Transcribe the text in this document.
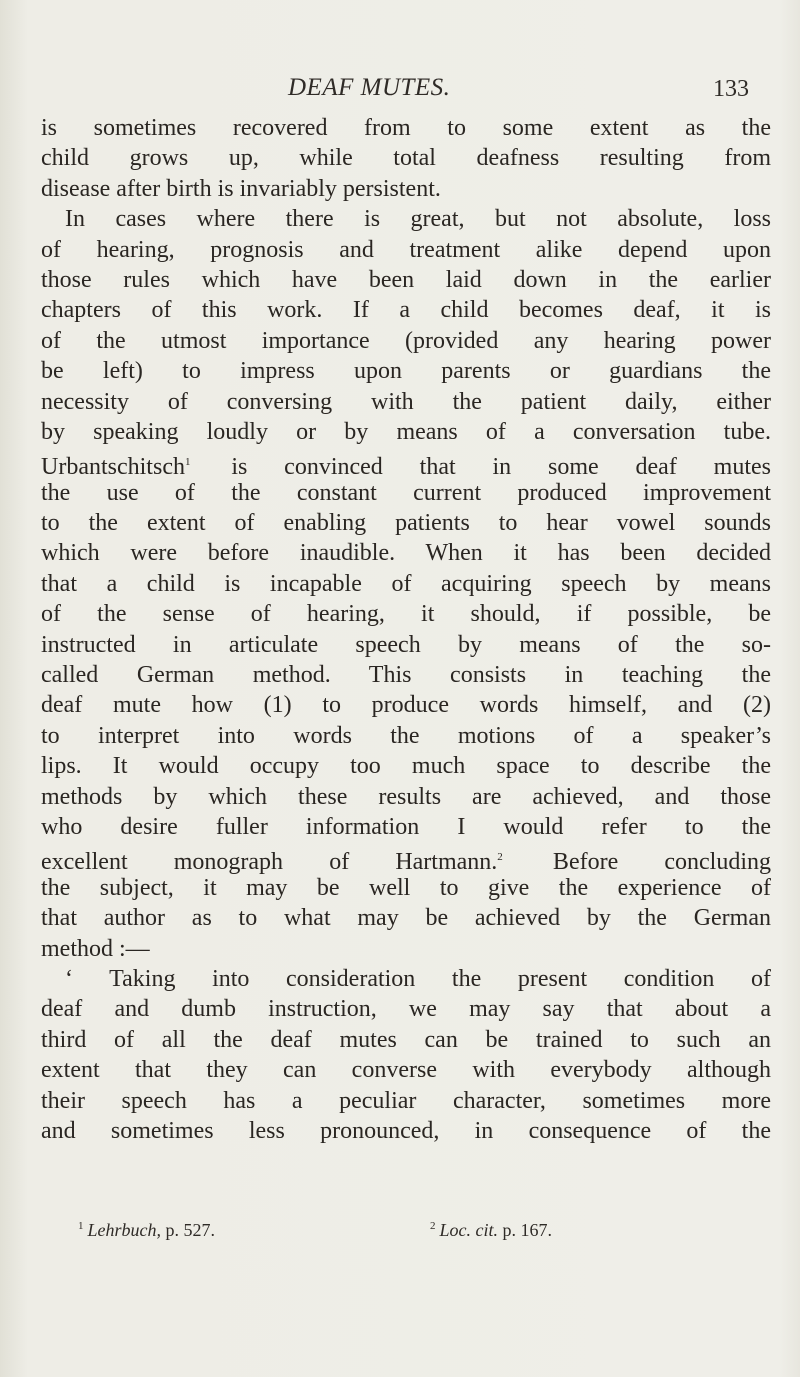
DEAF MUTES.	133
is sometimes recovered from to some extent as the
child grows up, while total deafness resulting from
disease after birth is invariably persistent.
In cases where there is great, but not absolute, loss
of hearing, prognosis and treatment alike depend upon
those rules which have been laid down in the earlier
chapters of this work. If a child becomes deaf, it is
of the utmost importance (provided any hearing power
be left) to impress upon parents or guardians the
necessity of conversing with the patient daily, either
by speaking loudly or by means of a conversation tube.
Urbantschitsch$^1$ is convinced that in some deaf mutes
the use of the constant current produced improvement
to the extent of enabling patients to hear vowel sounds
which were before inaudible. When it has been decided
that a child is incapable of acquiring speech by means
of the sense of hearing, it should, if possible, be
instructed in articulate speech by means of the so-
called German method. This consists in teaching the
deaf mute how (1) to produce words himself, and (2)
to interpret into words the motions of a speaker’s
lips. It would occupy too much space to describe the
methods by which these results are achieved, and those
who desire fuller information I would refer to the
excellent monograph of Hartmann.$^2$ Before concluding
the subject, it may be well to give the experience of
that author as to what may be achieved by the German
method :—
‘ Taking into consideration the present condition of
deaf and dumb instruction, we may say that about a
third of all the deaf mutes can be trained to such an
extent that they can converse with everybody although
their speech has a peculiar character, sometimes more
and sometimes less pronounced, in consequence of the
$^1$ Lehrbuch, p. 527.	$^2$ Loc. cit. p. 167.
